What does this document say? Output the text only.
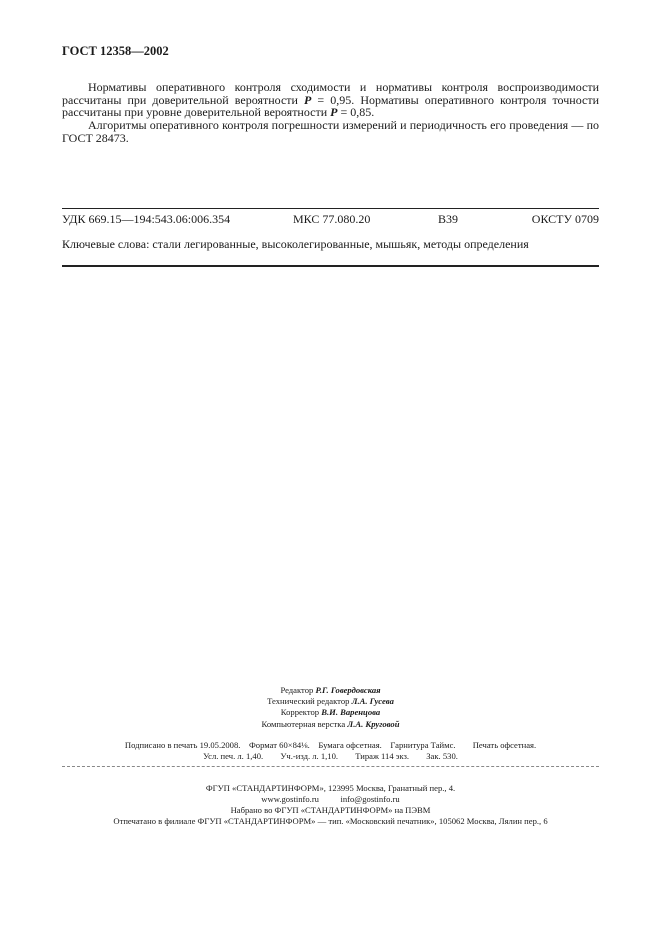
ГОСТ 12358—2002
Нормативы оперативного контроля сходимости и нормативы контроля воспроизводимости рассчитаны при доверительной вероятности P = 0,95. Нормативы оперативного контроля точности рассчитаны при уровне доверительной вероятности P = 0,85.
Алгоритмы оперативного контроля погрешности измерений и периодичность его проведения — по ГОСТ 28473.
УДК 669.15—194:543.06:006.354	МКС 77.080.20	В39	ОКСТУ 0709
Ключевые слова: стали легированные, высоколегированные, мышьяк, методы определения
Редактор Р.Г. Говердовская
Технический редактор Л.А. Гусева
Корректор В.И. Варенцова
Компьютерная верстка Л.А. Круговой
Подписано в печать 19.05.2008.    Формат 60×84⅛.    Бумага офсетная.    Гарнитура Таймс.        Печать офсетная.
Усл. печ. л. 1,40.        Уч.-изд. л. 1,10.        Тираж 114 экз.        Зак. 530.
ФГУП «СТАНДАРТИНФОРМ», 123995 Москва, Гранатный пер., 4.
www.gostinfo.ru          info@gostinfo.ru
Набрано во ФГУП «СТАНДАРТИНФОРМ» на ПЭВМ
Отпечатано в филиале ФГУП «СТАНДАРТИНФОРМ» — тип. «Московский печатник», 105062 Москва, Лялин пер., 6
